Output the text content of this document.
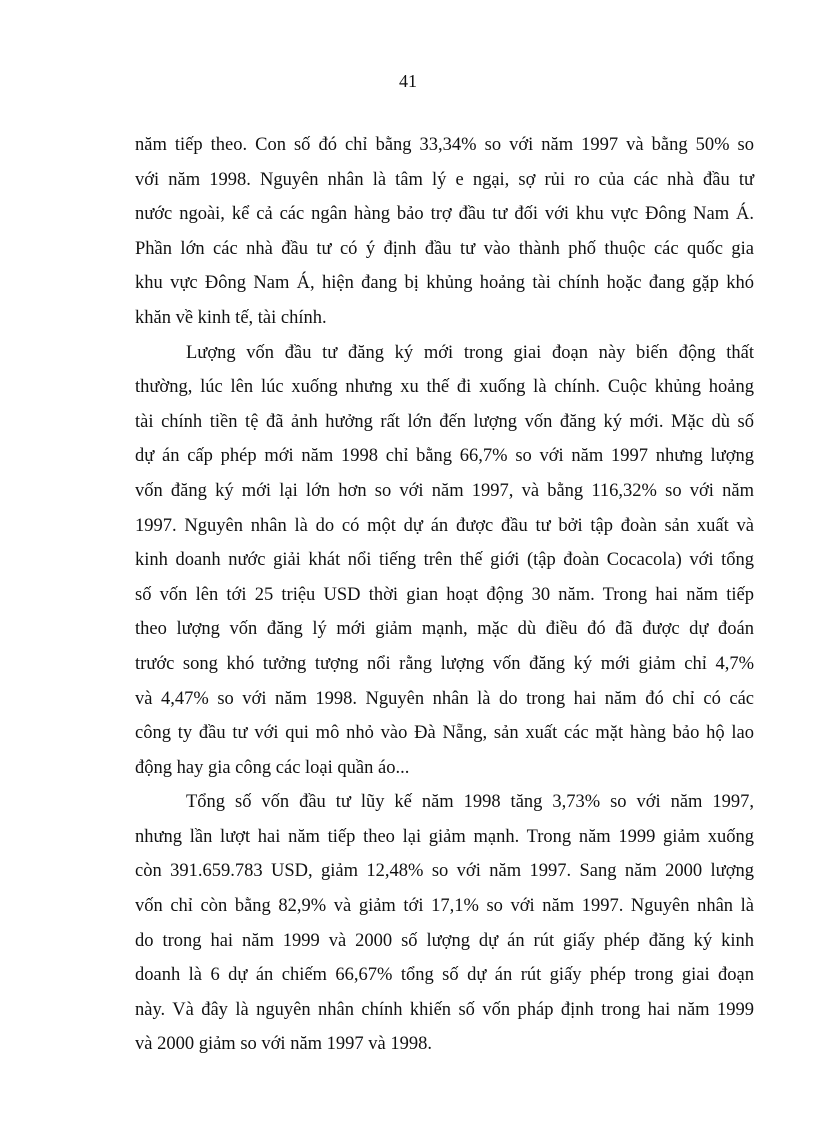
41

năm tiếp theo. Con số đó chỉ bằng 33,34% so với năm 1997 và bằng 50% so
với năm 1998. Nguyên nhân là tâm lý e ngại, sợ rủi ro của các nhà đầu tư
nước ngoài, kể cả các ngân hàng bảo trợ đầu tư đối với khu vực Đông Nam Á.
Phần lớn các nhà đầu tư có ý định đầu tư vào thành phố thuộc các quốc gia
khu vực Đông Nam Á, hiện đang bị khủng hoảng tài chính hoặc đang gặp khó
khăn về kinh tế, tài chính.

Lượng vốn đầu tư đăng ký mới trong giai đoạn này biến động thất
thường, lúc lên lúc xuống nhưng xu thế đi xuống là chính. Cuộc khủng hoảng
tài chính tiền tệ đã ảnh hưởng rất lớn đến lượng vốn đăng ký mới. Mặc dù số
dự án cấp phép mới năm 1998 chỉ bằng 66,7% so với năm 1997 nhưng lượng
vốn đăng ký mới lại lớn hơn so với năm 1997, và bằng 116,32% so với năm
1997. Nguyên nhân là do có một dự án được đầu tư bởi tập đoàn sản xuất và
kinh doanh nước giải khát nổi tiếng trên thế giới (tập đoàn Cocacola) với tổng
số vốn lên tới 25 triệu USD thời gian hoạt động 30 năm. Trong hai năm tiếp
theo lượng vốn đăng lý mới giảm mạnh, mặc dù điều đó đã được dự đoán
trước song khó tưởng tượng nổi rằng lượng vốn đăng ký mới giảm chỉ 4,7%
và 4,47% so với năm 1998. Nguyên nhân là do trong hai năm đó chỉ có các
công ty đầu tư với qui mô nhỏ vào Đà Nẵng, sản xuất các mặt hàng bảo hộ lao
động hay gia công các loại quần áo...

Tổng số vốn đầu tư lũy kế năm 1998 tăng 3,73% so với năm 1997,
nhưng lần lượt hai năm tiếp theo lại giảm mạnh. Trong năm 1999 giảm xuống
còn 391.659.783 USD, giảm 12,48% so với năm 1997. Sang năm 2000 lượng
vốn chỉ còn bằng 82,9% và giảm tới 17,1% so với năm 1997. Nguyên nhân là
do trong hai năm 1999 và 2000 số lượng dự án rút giấy phép đăng ký kinh
doanh là 6 dự án chiếm 66,67% tổng số dự án rút giấy phép trong giai đoạn
này. Và đây là nguyên nhân chính khiến số vốn pháp định trong hai năm 1999
và 2000 giảm so với năm 1997 và 1998.
